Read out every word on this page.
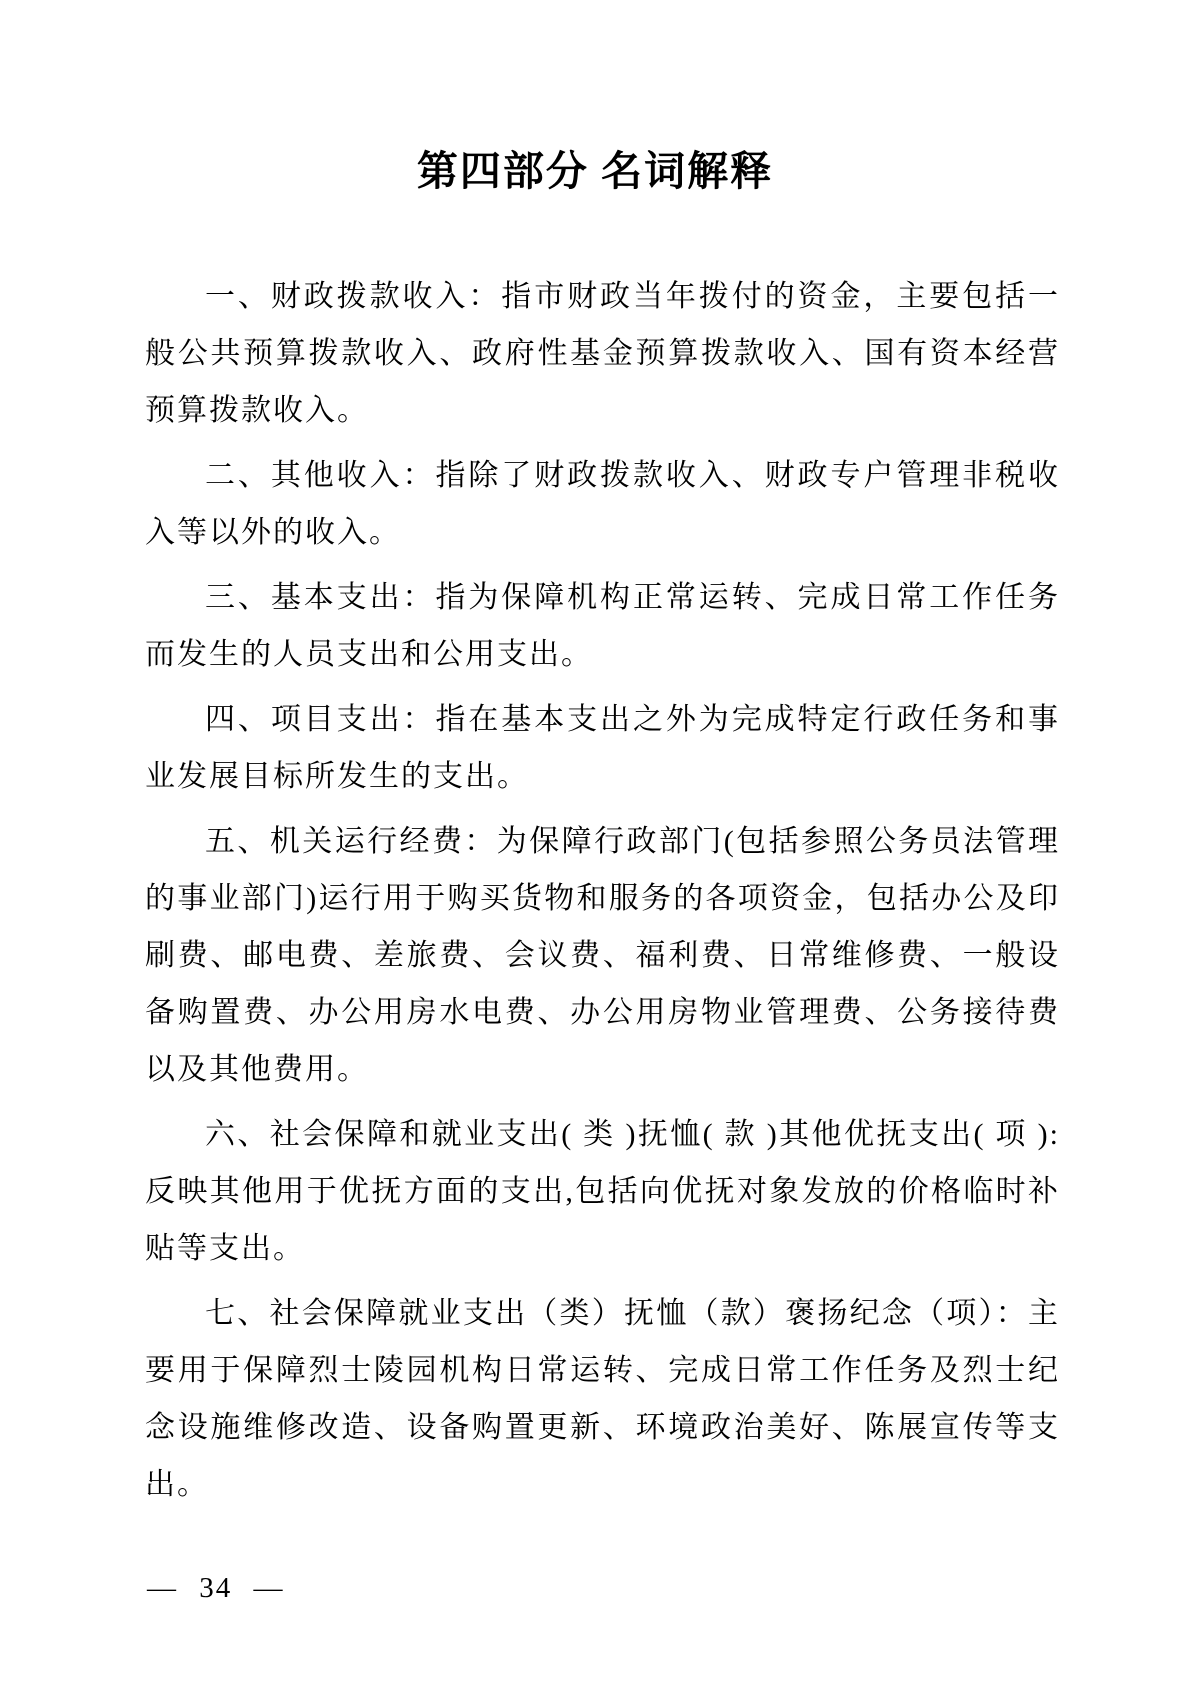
第四部分 名词解释

一、财政拨款收入：指市财政当年拨付的资金，主要包括一般公共预算拨款收入、政府性基金预算拨款收入、国有资本经营预算拨款收入。

二、其他收入：指除了财政拨款收入、财政专户管理非税收入等以外的收入。

三、基本支出：指为保障机构正常运转、完成日常工作任务而发生的人员支出和公用支出。

四、项目支出：指在基本支出之外为完成特定行政任务和事业发展目标所发生的支出。

五、机关运行经费：为保障行政部门(包括参照公务员法管理的事业部门)运行用于购买货物和服务的各项资金，包括办公及印刷费、邮电费、差旅费、会议费、福利费、日常维修费、一般设备购置费、办公用房水电费、办公用房物业管理费、公务接待费以及其他费用。

六、社会保障和就业支出( 类 )抚恤( 款 )其他优抚支出( 项 ):反映其他用于优抚方面的支出,包括向优抚对象发放的价格临时补贴等支出。

七、社会保障就业支出（类）抚恤（款）褒扬纪念（项）：主要用于保障烈士陵园机构日常运转、完成日常工作任务及烈士纪念设施维修改造、设备购置更新、环境政治美好、陈展宣传等支出。

— 34 —
